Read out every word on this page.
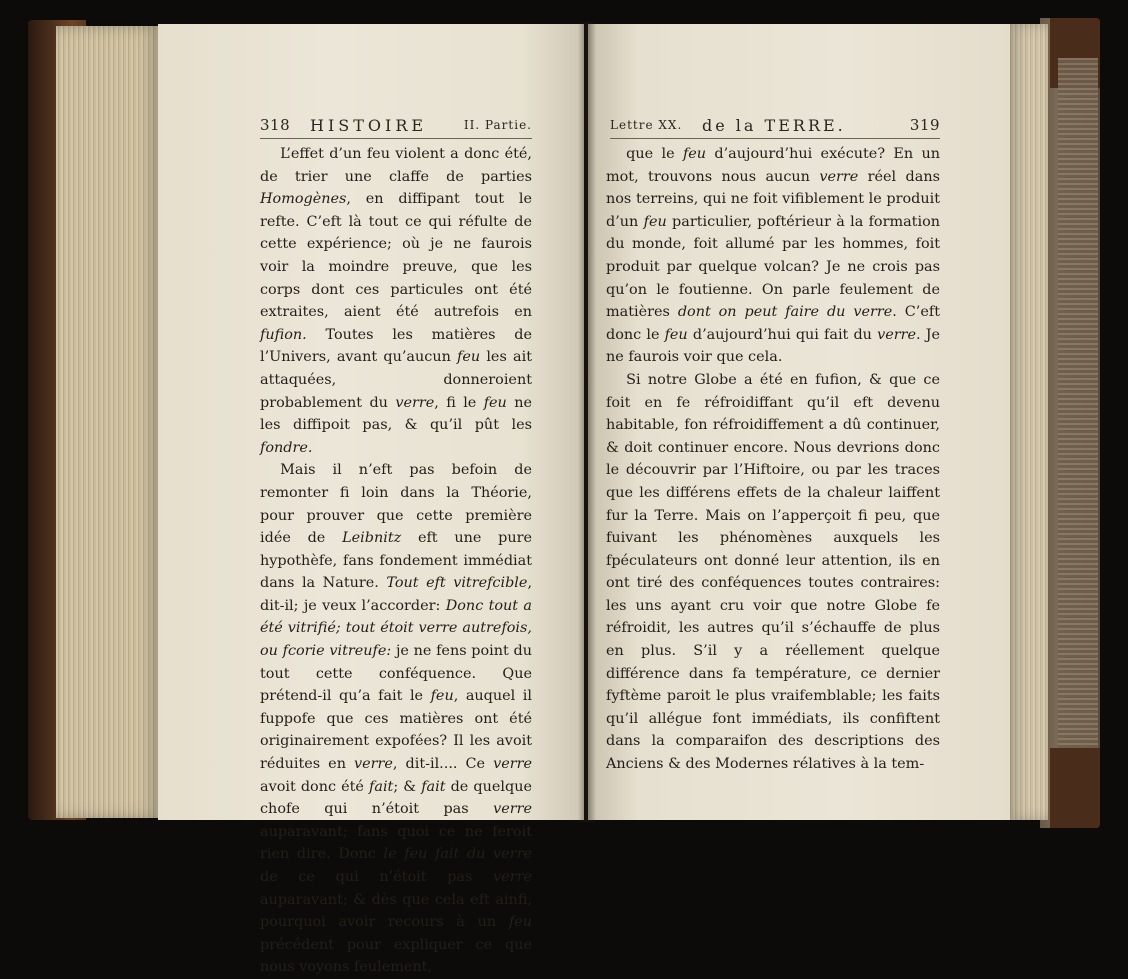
318 HISTOIRE	II. Partie.

L’effet d’un feu violent a donc été, de trier une claffe de parties Homogènes, en diffipant tout le refte. C’eft là tout ce qui réfulte de cette expérience; où je ne faurois voir la moindre preuve, que les corps dont ces particules ont été extraites, aient été autrefois en fufion. Toutes les matières de l’Univers, avant qu’aucun feu les ait attaquées, donneroient probablement du verre, fi le feu ne les diffipoit pas, & qu’il pût les fondre.

Mais il n’eft pas befoin de remonter fi loin dans la Théorie, pour prouver que cette première idée de Leibnitz eft une pure hypothèfe, fans fondement immédiat dans la Nature. Tout eft vitrefcible, dit-il; je veux l’accorder: Donc tout a été vitrifié; tout étoit verre autrefois, ou fcorie vitreufe: je ne fens point du tout cette conféquence. Que prétend-il qu’a fait le feu, auquel il fuppofe que ces matières ont été originairement expofées? Il les avoit réduites en verre, dit-il.... Ce verre avoit donc été fait; & fait de quelque chofe qui n’étoit pas verre auparavant; fans quoi ce ne feroit rien dire. Donc le feu fait du verre de ce qui n’étoit pas verre auparavant; & dès que cela eft ainfi, pourquoi avoir recours à un feu précédent pour expliquer ce que nous voyons feulement,

Lettre XX. de la TERRE.	319

que le feu d’aujourd’hui exécute? En un mot, trouvons nous aucun verre réel dans nos terreins, qui ne foit vifiblement le produit d’un feu particulier, poftérieur à la formation du monde, foit allumé par les hommes, foit produit par quelque volcan? Je ne crois pas qu’on le foutienne. On parle feulement de matières dont on peut faire du verre. C’eft donc le feu d’aujourd’hui qui fait du verre. Je ne faurois voir que cela.

Si notre Globe a été en fufion, & que ce foit en fe réfroidiffant qu’il eft devenu habitable, fon réfroidiffement a dû continuer, & doit continuer encore. Nous devrions donc le découvrir par l’Hiftoire, ou par les traces que les différens effets de la chaleur laiffent fur la Terre. Mais on l’apperçoit fi peu, que fuivant les phénomènes auxquels les fpéculateurs ont donné leur attention, ils en ont tiré des conféquences toutes contraires: les uns ayant cru voir que notre Globe fe réfroidit, les autres qu’il s’échauffe de plus en plus. S’il y a réellement quelque différence dans fa température, ce dernier fyftème paroit le plus vraifemblable; les faits qu’il allégue font immédiats, ils confiftent dans la comparaifon des descriptions des Anciens & des Modernes rélatives à la tem-
